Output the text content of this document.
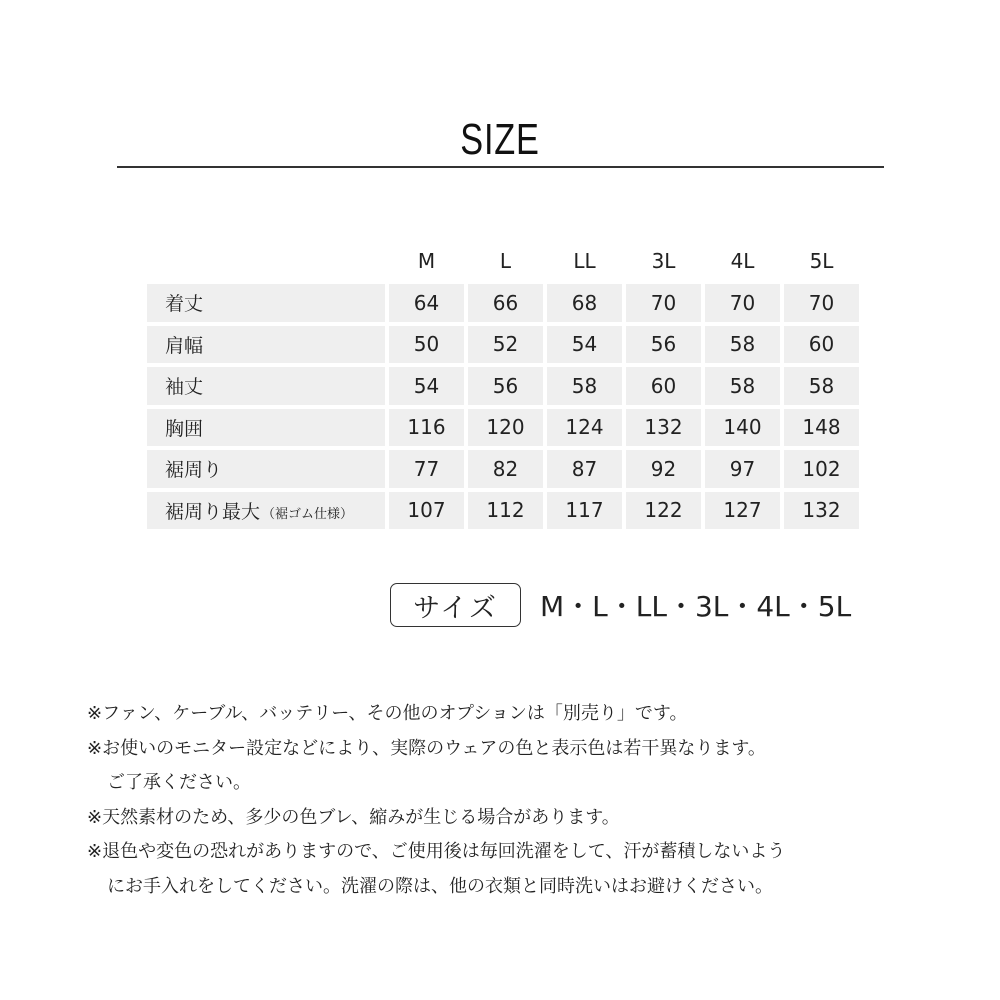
SIZE
	M	L	LL	3L	4L	5L
着丈	64	66	68	70	70	70
肩幅	50	52	54	56	58	60
袖丈	54	56	58	60	58	58
胸囲	116	120	124	132	140	148
裾周り	77	82	87	92	97	102
裾周り最大 （裾ゴム仕様）	107	112	117	122	127	132
サイズ	M・L・LL・3L・4L・5L
※ファン、ケーブル、バッテリー、その他のオプションは「別売り」です。
※お使いのモニター設定などにより、実際のウェアの色と表示色は若干異なります。
ご了承ください。
※天然素材のため、多少の色ブレ、縮みが生じる場合があります。
※退色や変色の恐れがありますので、ご使用後は毎回洗濯をして、汗が蓄積しないよう
にお手入れをしてください。洗濯の際は、他の衣類と同時洗いはお避けください。
